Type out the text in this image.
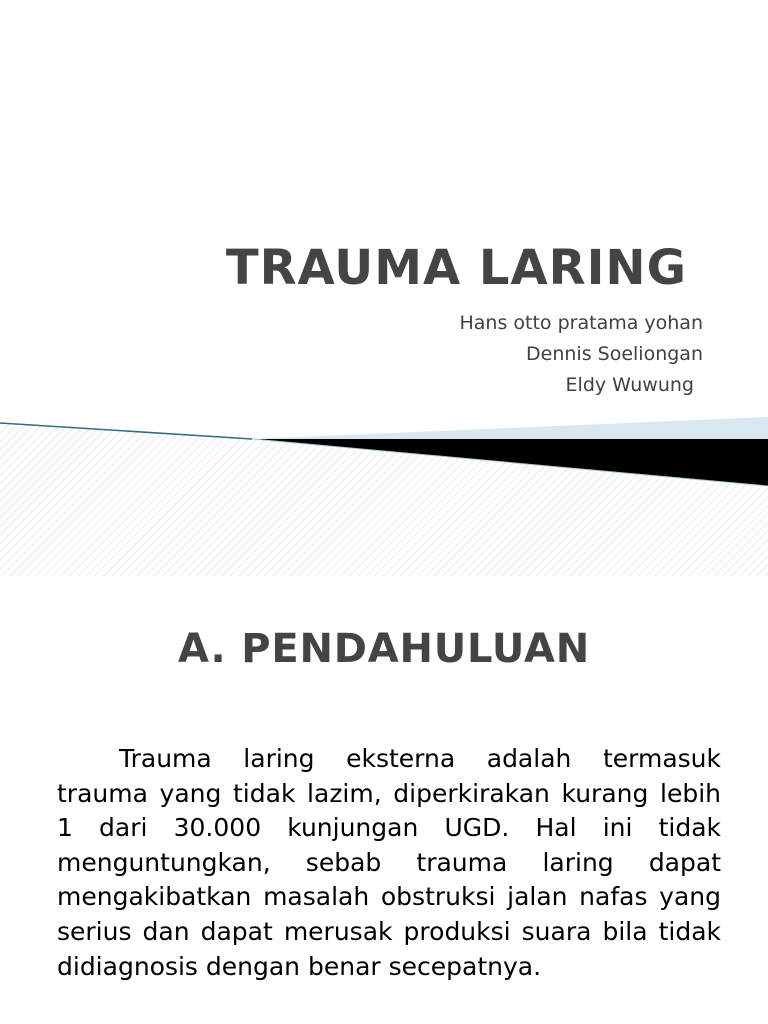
TRAUMA LARING
Hans otto pratama yohan
Dennis Soeliongan
Eldy Wuwung
A. PENDAHULUAN

Trauma laring eksterna adalah termasuk trauma yang tidak lazim, diperkirakan kurang lebih 1 dari 30.000 kunjungan UGD. Hal ini tidak menguntungkan, sebab trauma laring dapat mengakibatkan masalah obstruksi jalan nafas yang serius dan dapat merusak produksi suara bila tidak didiagnosis dengan benar secepatnya.
